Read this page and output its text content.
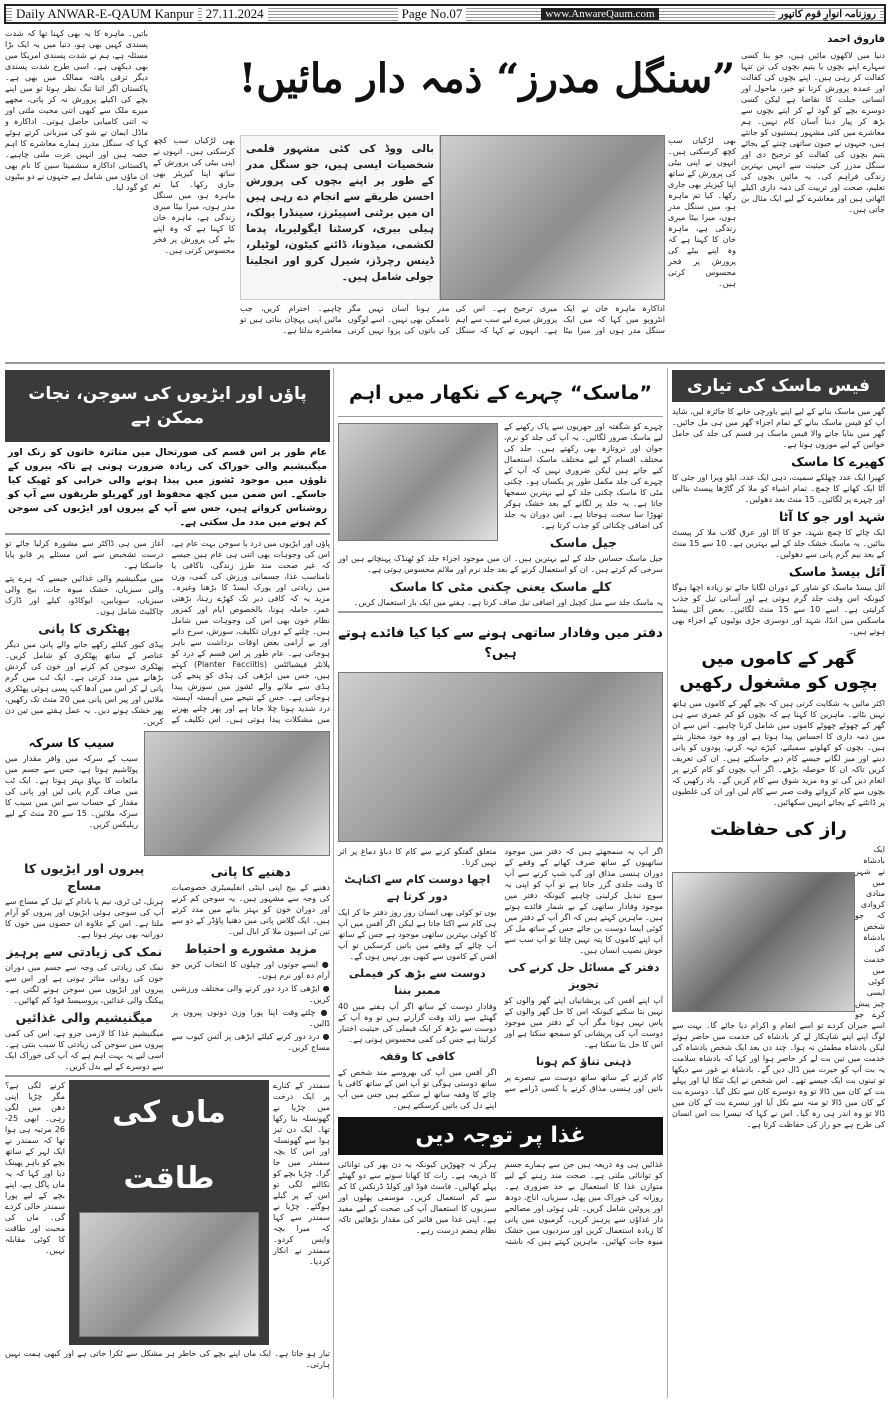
Daily ANWAR-E-QAUM Kanpur 27.11.2024	Page No.07	www.AnwareQaum.com	روزنامہ انوارِ قوم کانپور

باتیں۔ ماہرہ کا یہ بھی کہنا تھا کہ شدت پسندی کہیں بھی ہو، دنیا میں یہ ایک بڑا مسئلہ ہے، ہم نے شدت پسندی امریکا میں بھی دیکھی ہے۔ اسی طرح شدت پسندی دیگر ترقی یافتہ ممالک میں بھی ہے۔ پاکستان اگر اتنا تنگ نظر ہوتا تو میں اپنے بچے کی اکیلے پرورش نہ کر پاتی، مجھے میرے ملک سے کبھی اتنی محبت ملتی اور نہ اتنی کامیابی حاصل ہوتی۔ اداکارہ و ماڈل ایمان نے شو کی میزبانی کرتے ہوئے کہا کہ سنگل مدرز ہمارے معاشرے کا اہم حصہ ہیں اور انہیں عزت ملنی چاہیے۔ پاکستانی اداکارہ سشمیتا سین کا نام بھی ان ماؤں میں شامل ہے جنہوں نے دو بیٹیوں کو گود لیا۔

بھی لڑکیاں سب کچھ کرسکتی ہیں۔ انہوں نے اپنی بیٹی کی پرورش کے ساتھ اپنا کیریئر بھی جاری رکھا۔ کیا تم ماہرہ ہو، میں سنگل مدر ہوں، میرا بیٹا میری زندگی ہے، ماہرہ خان کا کہنا ہے کہ وہ اپنے بیٹے کی پرورش پر فخر محسوس کرتی ہیں۔

”سنگل مدرز“ ذمہ دار مائیں!
بالی ووڈ کی کئی مشہور فلمی شخصیات ایسی ہیں، جو سنگل مدر کے طور پر اپنے بچوں کی پرورش احسن طریقے سے انجام دے رہی ہیں ان میں برٹنی اسپیئرز، سینڈرا بولک، ہیلی بیری، کرسٹنا ایگولیریا، پدما لکشمی، میڈونا، ڈائنے کیٹون، لوٹیلر، ڈینس رچرڈز، شیرل کرو اور انجلینا جولی شامل ہیں۔

اداکارہ ماہرہ خان نے ایک انٹرویو میں کہا کہ میں ایک سنگل مدر ہوں اور میرا بیٹا میری ترجیح ہے۔ اس کی پرورش میرے لیے سب سے اہم ہے۔ انہوں نے کہا کہ سنگل مدر ہونا آسان نہیں مگر ناممکن بھی نہیں۔ اسے لوگوں کی باتوں کی پروا نہیں کرنی چاہیے۔ احترام کریں، جب مائیں اپنی پہچان بناتی ہیں تو معاشرہ بدلتا ہے۔

بھی لڑکیاں سب کچھ کرسکتی ہیں۔ انہوں نے اپنی بیٹی کی پرورش کے ساتھ اپنا کیریئر بھی جاری رکھا۔ کیا تم ماہرہ ہو، میں سنگل مدر ہوں، میرا بیٹا میری زندگی ہے، ماہرہ خان کا کہنا ہے کہ وہ اپنے بیٹے کی پرورش پر فخر محسوس کرتی ہیں۔

فاروق احمد
دنیا میں لاکھوں مائیں ہیں، جو بنا کسی سہارے اپنے بچوں یا یتیم بچوں کی تن تنہا کفالت کر رہی ہیں۔ اپنے بچوں کی کفالت اور عمدہ پرورش کرنا تو خیر، ماحول اور انسانی جبلت کا تقاضا ہے لیکن کسی دوسرے بچے کو گود لے کر اپنے بچوں سے بڑھ کر پیار دینا آسان کام نہیں۔ ہم معاشرے میں کئی مشہور ہستیوں کو جانتے ہیں، جنہوں نے جیون ساتھی چننے کے بجائے یتیم بچوں کی کفالت کو ترجیح دی اور سنگل مدرز کی حیثیت سے انہیں بہترین زندگی فراہم کی۔ یہ مائیں بچوں کی تعلیم، صحت اور تربیت کی ذمہ داری اکیلے اٹھاتی ہیں اور معاشرے کے لیے ایک مثال بن جاتی ہیں۔
پاؤں اور ایڑیوں کی سوجن، نجات ممکن ہے
عام طور پر اس قسم کی صورتحال میں متاثرہ خاتون کو زنک اور میگنیشیم والی خوراک کی زیادہ ضرورت ہوتی ہے تاکہ پیروں کے تلوؤں میں موجود ٹشوز میں پیدا ہونے والی خرابی کو ٹھیک کیا جاسکے۔ اس ضمن میں کچھ محفوظ اور گھریلو طریقوں سے آپ کو روشناس کرواتے ہیں، جس سے آپ کے پیروں اور ایڑیوں کی سوجن کم ہونے میں مدد مل سکتی ہے۔

پاؤں اور ایڑیوں میں درد یا سوجن بہت عام ہے، اس کی وجوہات بھی اتنی ہی عام ہیں جیسے کہ غیر صحت مند طرز زندگی، ناکافی یا نامناسب غذا، جسمانی ورزش کی کمی، وزن میں زیادتی اور یورک ایسڈ کا بڑھنا وغیرہ۔ مزید یہ کہ کافی دیر تک کھڑے رہنا، بڑھتی عمر، حاملہ ہونا، بالخصوص ایام اور کمزور نظام خون بھی اس کی وجوہات میں شامل ہیں۔ چلنے کے دوران تکلیف، سوزش، سرخ دانے اور بے آرامی بعض اوقات برداشت سے باہر ہوجاتی ہے۔ عام طور پر اس قسم کے درد کو پلانٹر فیشیائٹس (Planter Facciitis) کہتے ہیں، جس میں ایڑھی کی ہڈی کو پنجے کی ہڈی سے ملانے والے ٹشوز میں سوزش پیدا ہوجاتی ہے۔ جس کے نتیجے میں آہستہ آہستہ درد شدید ہوتا چلا جاتا ہے اور پھر چلنے پھرنے میں مشکلات پیدا ہوتی ہیں۔ اس تکلیف کے آغاز میں ہی ڈاکٹر سے مشورہ کرلیا جائے تو درست تشخیص سے اس مسئلے پر قابو پایا جاسکتا ہے۔

میں میگنیشیم والی غذائیں جیسے کہ ہرے پتے والی سبزیاں، خشک میوہ جات، بیج والی سبزیاں، سویابین، ایوکاڈو، کیلے اور ڈارک چاکلیٹ شامل ہوں۔

پھٹکری کا پانی

پیڈی کیور کیلئے رکھے جانے والے پانی میں دیگر عناصر کے ساتھ پھٹکری کو شامل کریں۔ پھٹکری سوجن کم کرنے اور خون کی گردش بڑھانے میں مدد کرتی ہے۔ ایک ٹب میں گرم پانی لے کر اس میں آدھا کپ پسی ہوئی پھٹکری ملائیں اور پیر اس پانی میں 20 منٹ تک رکھیں، پھر خشک ہونے دیں۔ یہ عمل ہفتے میں تین دن کریں۔

سیب کا سرکہ
سیب کے سرکہ میں وافر مقدار میں پوٹاشیم ہوتا ہے، جس سے جسم میں مائعات کا بہاؤ بہتر ہوتا ہے۔ ایک ٹب میں صاف گرم پانی لیں اور پانی کی مقدار کے حساب سے اس میں سیب کا سرکہ ملائیں۔ 15 سے 20 منٹ کے لیے ریلیکس کریں۔
دھنیے کا پانی

دھنیے کے بیج اپنی اینٹی انفلیمیٹری خصوصیات کی وجہ سے مشہور ہیں۔ یہ سوجن کم کرنے اور دوران خون کو بہتر بنانے میں مدد کرتے ہیں۔ ایک گلاس پانی میں دھنیا پاؤڈر کے دو سے تین ٹی اسپون ملا کر ابال لیں۔

مزید مشورے و احتیاط

● ایسے جوتوں اور چپلوں کا انتخاب کریں جو آرام دہ اور نرم ہوں۔

● ایڑھی کا درد دور کرنے والی مختلف ورزشیں کریں۔

● چلتے وقت اپنا پورا وزن دونوں پیروں پر ڈالیں۔

● درد دور کرنے کیلئے ایڑھی پر آئس کیوب سے مساج کریں۔

پیروں اور ایڑیوں کا مساج

ہربل، ٹی ٹری، نیم یا بادام کے تیل کے مساج سے آپ کی سوجی ہوئی ایڑیوں اور پیروں کو آرام ملتا ہے۔ اس کے علاوہ ان حصوں میں خون کا دورانیہ بھی بہتر ہوتا ہے۔

نمک کی زیادتی سے پرہیز

نمک کی زیادتی کی وجہ سے جسم میں دوران خون کی روانی متاثر ہوتی ہے اور اس سے پیروں اور ایڑیوں میں سوجن ہونے لگتی ہے۔ پیکنگ والی غذائیں، پروسیسڈ فوڈ کم کھائیں۔

میگنیشیم والی غذائیں

میگنیشیم غذا کا لازمی جزو ہے، اس کی کمی پیروں میں سوجن کی زیادتی کا سبب بنتی ہے۔ اسی لیے یہ بہت اہم ہے کہ آپ کی خوراک ایک سے دوسرے کے لیے بدل کریں۔

کرنے لگی ہے؟ مگر چڑیا اپنی دھن میں لگی رہی۔ ابھی 25-26 مرتبہ ہی ہوا تھا کہ سمندر نے ایک لہر کے ساتھ بچے کو باہر پھینک دیا اور کہا کہ یہ ماں پاگل ہے، اپنے بچے کے لیے پورا سمندر خالی کردے گی۔ ماں کی محبت اور طاقت کا کوئی مقابلہ نہیں۔
ماں کی طاقت
سمندر کے کنارے پر ایک درخت میں چڑیا نے گھونسلہ بنا رکھا تھا۔ ایک دن تیز ہوا سے گھونسلہ اور اس کا بچہ سمندر میں جا گرا۔ چڑیا بچے کو نکالنے لگی تو اس کے پر گیلے ہوگئے۔ چڑیا نے سمندر سے کہا کہ میرا بچہ واپس کردو۔ سمندر نے انکار کردیا۔
تیار ہو جاتا ہے۔ ایک ماں اپنے بچے کی خاطر ہر مشکل سے ٹکرا جاتی ہے اور کبھی ہمت نہیں ہارتی۔
”ماسک“ چہرے کے نکھار میں اہم

چہرے کو شگفتہ اور جھریوں سے پاک رکھنے کے لیے ماسک ضرور لگائیں۔ یہ آپ کی جلد کو نرم، جوان اور تروتازہ بھی رکھتے ہیں۔ جلد کی مختلف اقسام کے لیے مختلف ماسک استعمال کیے جاتے ہیں لیکن ضروری نہیں کہ آپ کے چہرے کی جلد مکمل طور پر یکساں ہو۔ چکنی مٹی کا ماسک چکنی جلد کے لیے بہترین سمجھا جاتا ہے۔ یہ جلد پر لگانے کے بعد خشک ہوکر تھوڑا سا سخت ہوجاتا ہے۔ اس دوران یہ جلد کی اضافی چکنائی کو جذب کرتا ہے۔

جیل ماسک

جیل ماسک حساس جلد کے لیے بہترین ہیں۔ ان میں موجود اجزاء جلد کو ٹھنڈک پہنچاتے ہیں اور سرخی کم کرتے ہیں۔ ان کو استعمال کرنے کے بعد جلد نرم اور ملائم محسوس ہوتی ہے۔

کلے ماسک یعنی چکنی مٹی کا ماسک

یہ ماسک جلد سے میل کچیل اور اضافی تیل صاف کرتا ہے۔ ہفتے میں ایک بار استعمال کریں۔

دفتر میں وفادار ساتھی ہونے سے کیا کیا فائدے ہوتے ہیں؟

اگر آپ یہ سمجھتے ہیں کہ دفتر میں موجود ساتھیوں کے ساتھ صرف کھانے کے وقفے کے دوران ہنسی مذاق اور گپ شپ کرنے سے آپ کا وقت جلدی گزر جاتا ہے تو آپ کو اپنی یہ سوچ تبدیل کرلینی چاہیے کیونکہ دفتر میں موجود وفادار ساتھی کے بے شمار فائدے ہوتے ہیں۔ ماہرین کہتے ہیں کہ اگر آپ کے دفتر میں کوئی ایسا دوست بن جائے جس کے ساتھ مل کر آپ اپنے کاموں کا پتہ نہیں چلتا تو آپ سب سے خوش نصیب انسان ہیں۔

دفتر کے مسائل حل کرنے کی تجویز

آپ اپنے آفس کی پریشانیاں اپنے گھر والوں کو نہیں بتا سکتے کیونکہ اس کا حل گھر والوں کے پاس نہیں ہوتا مگر آپ کے دفتر میں موجود دوست آپ کی پریشانی کو سمجھ سکتا ہے اور اس کا حل بتا سکتا ہے۔

ذہنی تناؤ کم ہونا

کام کرنے کے ساتھ ساتھ دوست سے تبصرے پر باتیں اور ہنسی مذاق کرنے یا کسی ڈرامے سے متعلق گفتگو کرنے سے کام کا دباؤ دماغ پر اثر نہیں کرتا۔

اچھا دوست کام سے اکتاہٹ دور کرتا ہے

یوں تو کوئی بھی انسان روز روز دفتر جا کر ایک ہی کام سے اکتا جاتا ہے لیکن اگر آفس میں آپ کا کوئی بہترین ساتھی موجود ہے جس کے ساتھ آپ چائے کے وقفے میں باتیں کرسکیں تو آپ آفس کے کاموں سے کبھی بور نہیں ہوں گے۔

دوست سے بڑھ کر فیملی ممبر بننا

وفادار دوست کے ساتھ اگر آپ ہفتے میں 40 گھنٹے سے زائد وقت گزارتے ہیں تو وہ آپ کے دوست سے بڑھ کر ایک فیملی کی حیثیت اختیار کرلیتا ہے جس کی کمی محسوس ہوتی ہے۔

کافی کا وقفہ

اگر آفس میں آپ کی بھروسے مند شخص کے ساتھ دوستی ہوگی تو آپ اس کے ساتھ کافی یا چائے کا وقفہ ساتھ لے سکتے ہیں جس میں آپ اپنے دل کی باتیں کرسکتے ہیں۔

غذا پر توجہ دیں

غذائیں ہی وہ ذریعہ ہیں جن سے ہمارے جسم کو توانائی ملتی ہے۔ صحت مند رہنے کے لیے متوازن غذا کا استعمال بے حد ضروری ہے۔ روزانہ کی خوراک میں پھل، سبزیاں، اناج، دودھ اور پروٹین شامل کریں۔ تلی ہوئی اور مصالحے دار غذاؤں سے پرہیز کریں۔ گرمیوں میں پانی کا زیادہ استعمال کریں اور سردیوں میں خشک میوہ جات کھائیں۔ ماہرین کہتے ہیں کہ ناشتہ ہرگز نہ چھوڑیں کیونکہ یہ دن بھر کی توانائی کا ذریعہ ہے۔ رات کا کھانا سونے سے دو گھنٹے پہلے کھالیں۔ فاسٹ فوڈ اور کولڈ ڈرنکس کا کم سے کم استعمال کریں۔ موسمی پھلوں اور سبزیوں کا استعمال آپ کی صحت کے لیے مفید ہے۔ اپنی غذا میں فائبر کی مقدار بڑھائیں تاکہ نظام ہضم درست رہے۔

فیس ماسک کی تیاری
گھر میں ماسک بنانے کے لیے اپنے باورچی خانے کا جائزہ لیں، شاید آپ کو فیس ماسک بنانے کے تمام اجزاء گھر میں ہی مل جائیں۔ گھر میں بنایا جانے والا فیس ماسک ہر قسم کی جلد کی حامل خواتین کے لیے موزوں ہوتا ہے۔
کھیرے کا ماسک
کھیرا ایک عدد چھلکے سمیت، دہی ایک عدد، ایلو ویرا اور جئی کا آٹا ایک کھانے کا چمچ۔ تمام اشیاء کو ملا کر گاڑھا پیسٹ بنالیں اور چہرے پر لگائیں۔ 15 منٹ بعد دھولیں۔
شہد اور جو کا آٹا
ایک چائے کا چمچ شہد، جو کا آٹا اور عرق گلاب ملا کر پیسٹ بنائیں۔ یہ ماسک خشک جلد کے لیے بہترین ہے۔ 10 سے 15 منٹ کے بعد نیم گرم پانی سے دھولیں۔
آئل بیسڈ ماسک
آئل بیسڈ ماسک کو شاور کے دوران لگایا جائے تو زیادہ اچھا ہوگا کیونکہ اس وقت جلد گرم ہوتی ہے اور آسانی تیل کو جذب کرلیتی ہے۔ اسے 10 سے 15 منٹ لگائیں۔ بعض آئل بیسڈ ماسکس میں انڈا، شہد اور دوسری جڑی بوٹیوں کے اجزاء بھی ہوتے ہیں۔
گھر کے کاموں میں
بچوں کو مشغول رکھیں

اکثر مائیں یہ شکایت کرتی ہیں کہ بچے گھر کے کاموں میں ہاتھ نہیں بٹاتے۔ ماہرین کا کہنا ہے کہ بچوں کو کم عمری سے ہی گھر کے چھوٹے چھوٹے کاموں میں شامل کرنا چاہیے۔ اس سے ان میں ذمہ داری کا احساس پیدا ہوتا ہے اور وہ خود مختار بنتے ہیں۔ بچوں کو کھلونے سمیٹنے، کپڑے تہہ کرنے، پودوں کو پانی دینے اور میز لگانے جیسے کام دیے جاسکتے ہیں۔ ان کی تعریف کریں تاکہ ان کا حوصلہ بڑھے۔ اگر آپ بچوں کو کام کرنے پر انعام دیں گی تو وہ مزید شوق سے کام کریں گے۔ یاد رکھیں کہ بچوں سے کام کرواتے وقت صبر سے کام لیں اور ان کی غلطیوں پر ڈانٹنے کے بجائے انہیں سکھائیں۔

راز کی حفاظت

ایک بادشاہ نے شہر میں منادی کروادی کہ جو شخص بادشاہ کی خدمت میں کوئی ایسی چیز پیش کرے جو اسے حیران کردے تو اسے انعام و اکرام دیا جائے گا۔ بہت سے لوگ اپنے اپنے شاہکار لے کر بادشاہ کی خدمت میں حاضر ہوئے لیکن بادشاہ مطمئن نہ ہوا۔ چند دن بعد ایک شخص بادشاہ کی خدمت میں تین بت لے کر حاضر ہوا اور کہا کہ بادشاہ سلامت یہ بت آپ کو حیرت میں ڈال دیں گے۔ بادشاہ نے غور سے دیکھا تو تینوں بت ایک جیسے تھے۔ اس شخص نے ایک تنکا لیا اور پہلے بت کے کان میں ڈالا تو وہ دوسرے کان سے نکل گیا۔ دوسرے بت کے کان میں ڈالا تو منہ سے نکل آیا اور تیسرے بت کے کان میں ڈالا تو وہ اندر ہی رہ گیا۔ اس نے کہا کہ تیسرا بت اس انسان کی طرح ہے جو راز کی حفاظت کرتا ہے۔
